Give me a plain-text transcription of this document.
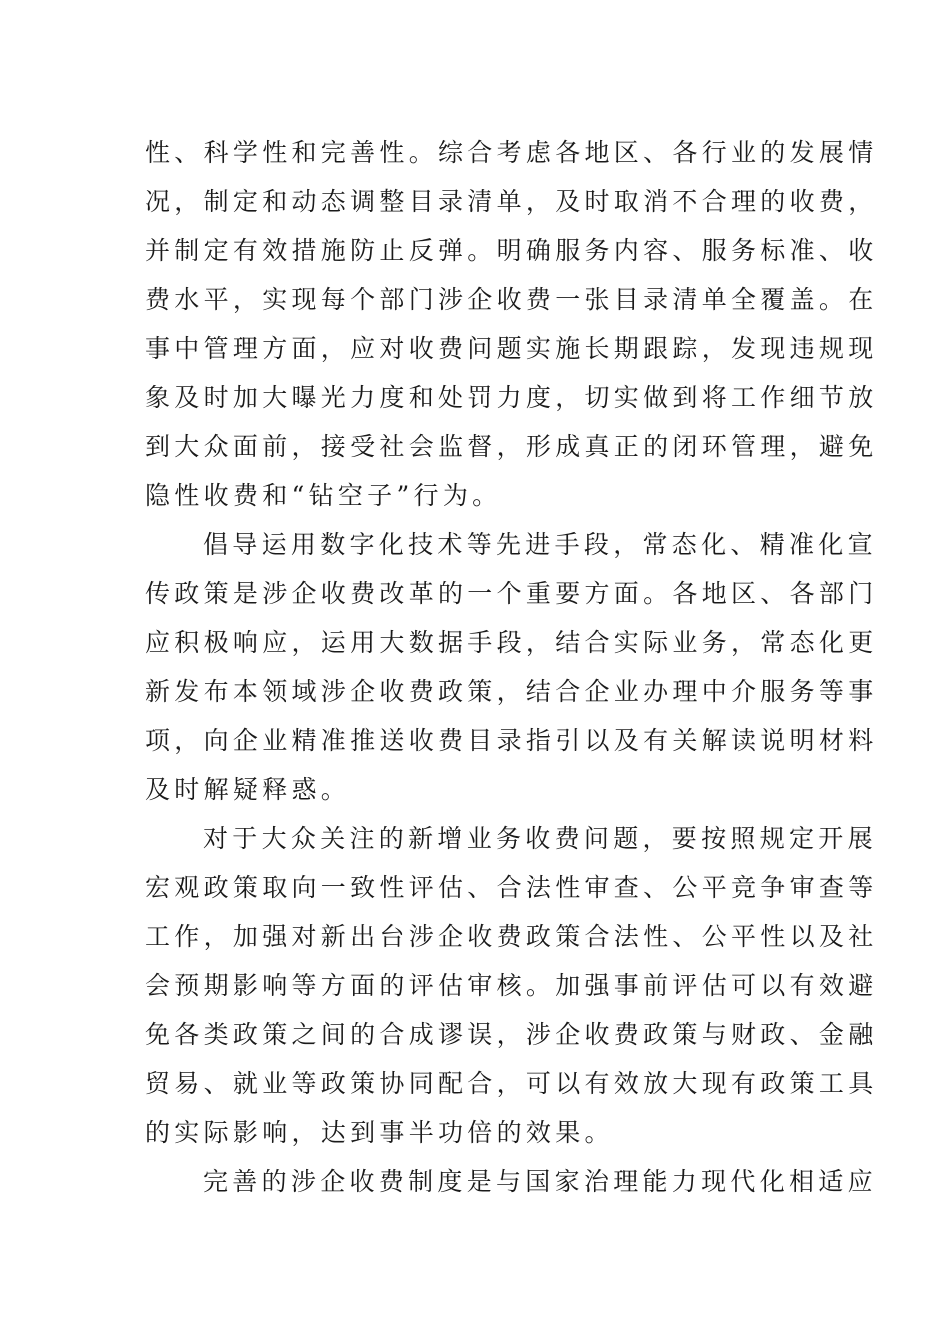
性、科学性和完善性。综合考虑各地区、各行业的发展情
况，制定和动态调整目录清单，及时取消不合理的收费，
并制定有效措施防止反弹。明确服务内容、服务标准、收
费水平，实现每个部门涉企收费一张目录清单全覆盖。在
事中管理方面，应对收费问题实施长期跟踪，发现违规现
象及时加大曝光力度和处罚力度，切实做到将工作细节放
到大众面前，接受社会监督，形成真正的闭环管理，避免
隐性收费和“钻空子”行为。
倡导运用数字化技术等先进手段，常态化、精准化宣
传政策是涉企收费改革的一个重要方面。各地区、各部门
应积极响应，运用大数据手段，结合实际业务，常态化更
新发布本领域涉企收费政策，结合企业办理中介服务等事
项，向企业精准推送收费目录指引以及有关解读说明材料
及时解疑释惑。
对于大众关注的新增业务收费问题，要按照规定开展
宏观政策取向一致性评估、合法性审查、公平竞争审查等
工作，加强对新出台涉企收费政策合法性、公平性以及社
会预期影响等方面的评估审核。加强事前评估可以有效避
免各类政策之间的合成谬误，涉企收费政策与财政、金融
贸易、就业等政策协同配合，可以有效放大现有政策工具
的实际影响，达到事半功倍的效果。
完善的涉企收费制度是与国家治理能力现代化相适应
